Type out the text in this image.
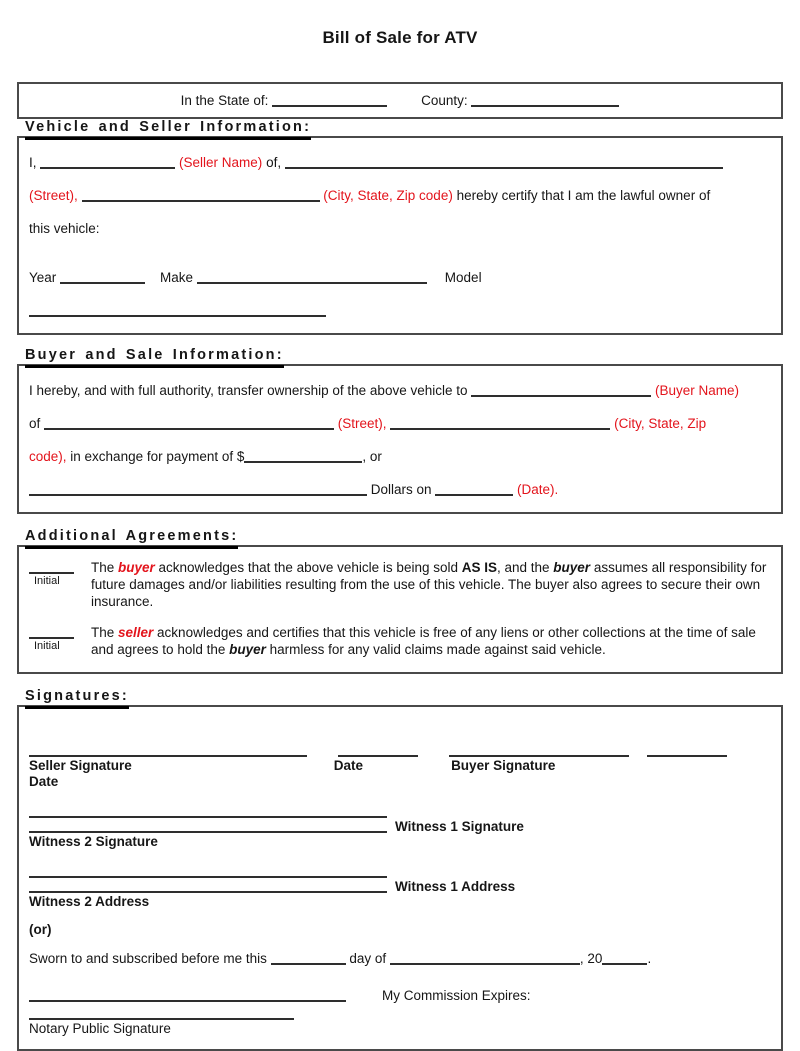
Bill of Sale for ATV
In the State of:	County:
Vehicle and Seller Information:
I,	(Seller Name) of,
(Street),	(City, State, Zip code) hereby certify that I am the lawful owner of
this vehicle:
Year	Make	Model
Buyer and Sale Information:
I hereby, and with full authority, transfer ownership of the above vehicle to	(Buyer Name)
of	(Street),	(City, State, Zip
code), in exchange for payment of $	, or
Dollars on	(Date).
Additional Agreements:
Initial
The buyer acknowledges that the above vehicle is being sold AS IS, and the buyer assumes all responsibility for future damages and/or liabilities resulting from the use of this vehicle. The buyer also agrees to secure their own insurance.
Initial
The seller acknowledges and certifies that this vehicle is free of any liens or other collections at the time of sale and agrees to hold the buyer harmless for any valid claims made against said vehicle.
Signatures:
Seller Signature	Date	Buyer Signature
Date
Witness 1 Signature
Witness 2 Signature
Witness 1 Address
Witness 2 Address
(or)
Sworn to and subscribed before me this	day of	, 20	.
My Commission Expires:
Notary Public Signature
